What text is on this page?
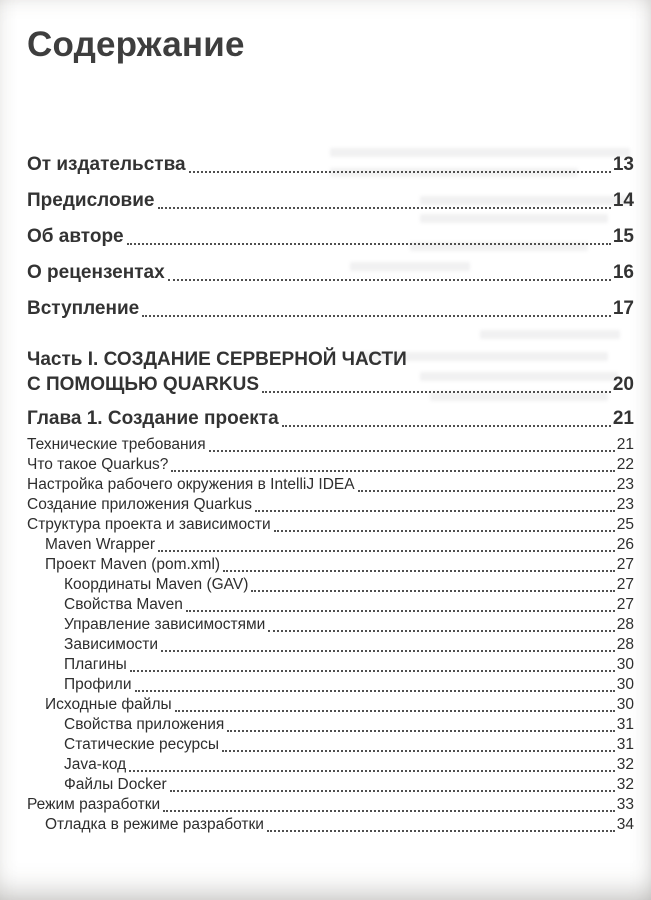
Содержание
От издательства	13
Предисловие	14
Об авторе	15
О рецензентах	16
Вступление	17
Часть I. СОЗДАНИЕ СЕРВЕРНОЙ ЧАСТИ
С ПОМОЩЬЮ QUARKUS	20
Глава 1. Создание проекта	21
Технические требования	21
Что такое Quarkus?	22
Настройка рабочего окружения в IntelliJ IDEA	23
Создание приложения Quarkus	23
Структура проекта и зависимости	25
Maven Wrapper	26
Проект Maven (pom.xml)	27
Координаты Maven (GAV)	27
Свойства Maven	27
Управление зависимостями	28
Зависимости	28
Плагины	30
Профили	30
Исходные файлы	30
Свойства приложения	31
Статические ресурсы	31
Java-код	32
Файлы Docker	32
Режим разработки	33
Отладка в режиме разработки	34
